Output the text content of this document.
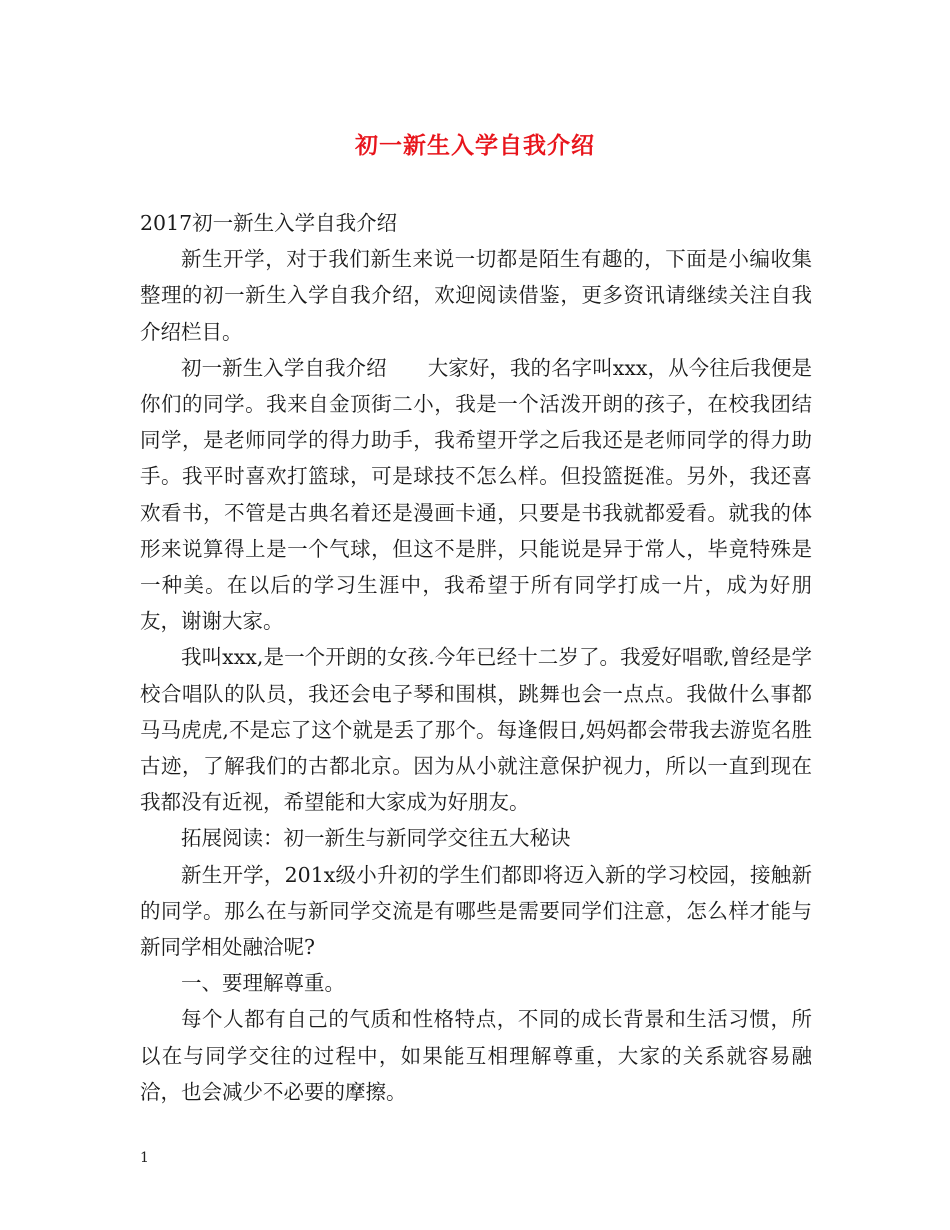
初一新生入学自我介绍

2017初一新生入学自我介绍

新生开学，对于我们新生来说一切都是陌生有趣的，下面是小编收集整理的初一新生入学自我介绍，欢迎阅读借鉴，更多资讯请继续关注自我介绍栏目。

初一新生入学自我介绍 大家好，我的名字叫xxx，从今往后我便是你们的同学。我来自金顶街二小，我是一个活泼开朗的孩子，在校我团结同学，是老师同学的得力助手，我希望开学之后我还是老师同学的得力助手。我平时喜欢打篮球，可是球技不怎么样。但投篮挺准。另外，我还喜欢看书，不管是古典名着还是漫画卡通，只要是书我就都爱看。就我的体形来说算得上是一个气球，但这不是胖，只能说是异于常人，毕竟特殊是一种美。在以后的学习生涯中，我希望于所有同学打成一片，成为好朋友，谢谢大家。

我叫xxx,是一个开朗的女孩.今年已经十二岁了。我爱好唱歌,曾经是学校合唱队的队员，我还会电子琴和围棋，跳舞也会一点点。我做什么事都马马虎虎,不是忘了这个就是丢了那个。每逢假日,妈妈都会带我去游览名胜古迹，了解我们的古都北京。因为从小就注意保护视力，所以一直到现在我都没有近视，希望能和大家成为好朋友。

拓展阅读：初一新生与新同学交往五大秘诀

新生开学，201x级小升初的学生们都即将迈入新的学习校园，接触新的同学。那么在与新同学交流是有哪些是需要同学们注意，怎么样才能与新同学相处融洽呢?

一、要理解尊重。

每个人都有自己的气质和性格特点，不同的成长背景和生活习惯，所以在与同学交往的过程中，如果能互相理解尊重，大家的关系就容易融洽，也会减少不必要的摩擦。

1
